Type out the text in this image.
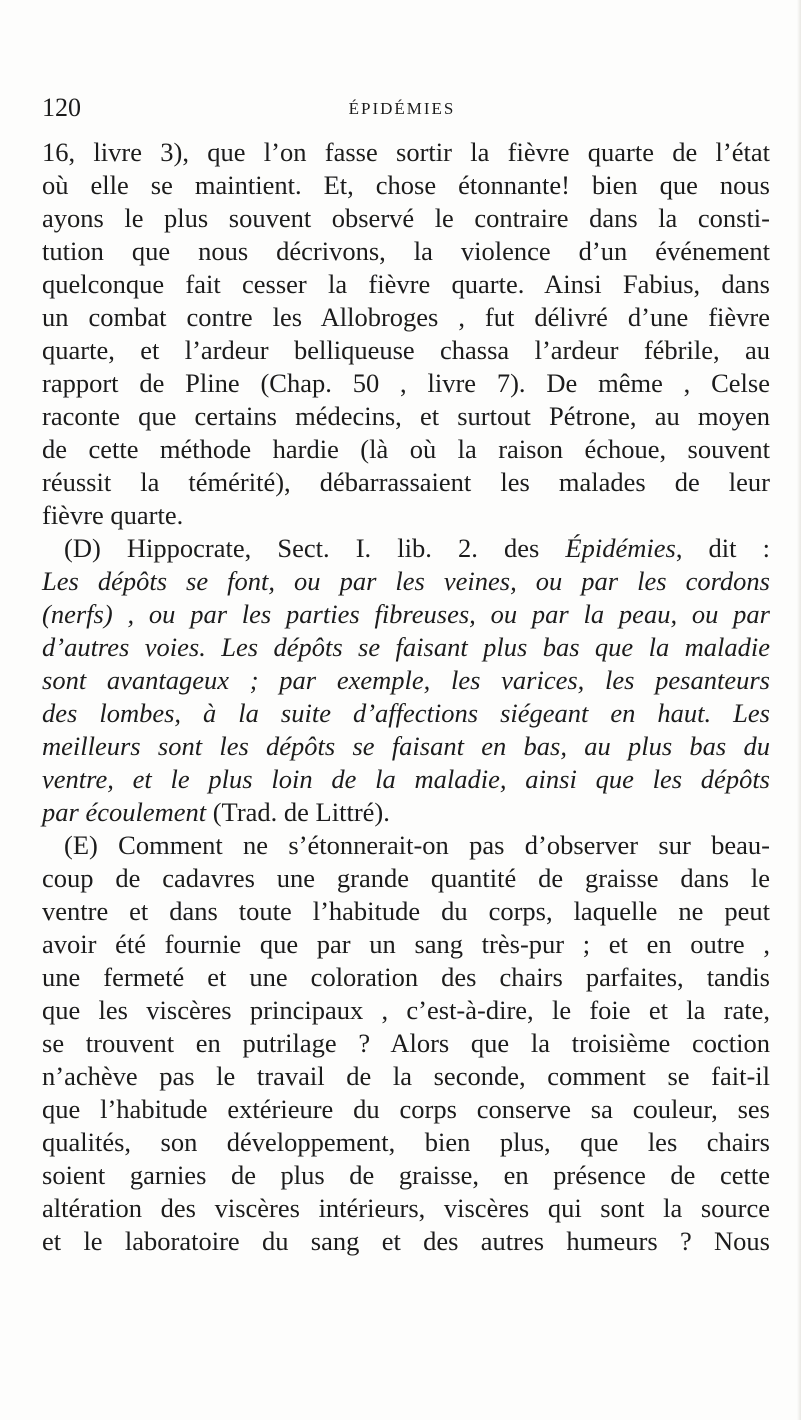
120	ÉPIDÉMIES
16, livre 3), que l’on fasse sortir la fièvre quarte de l’état
où elle se maintient. Et, chose étonnante! bien que nous
ayons le plus souvent observé le contraire dans la consti-
tution que nous décrivons, la violence d’un événement
quelconque fait cesser la fièvre quarte. Ainsi Fabius, dans
un combat contre les Allobroges , fut délivré d’une fièvre
quarte, et l’ardeur belliqueuse chassa l’ardeur fébrile, au
rapport de Pline (Chap. 50 , livre 7). De même , Celse
raconte que certains médecins, et surtout Pétrone, au moyen
de cette méthode hardie (là où la raison échoue, souvent
réussit la témérité), débarrassaient les malades de leur
fièvre quarte.
(D) Hippocrate, Sect. I. lib. 2. des Épidémies, dit :
Les dépôts se font, ou par les veines, ou par les cordons
(nerfs) , ou par les parties fibreuses, ou par la peau, ou par
d’autres voies. Les dépôts se faisant plus bas que la maladie
sont avantageux ; par exemple, les varices, les pesanteurs
des lombes, à la suite d’affections siégeant en haut. Les
meilleurs sont les dépôts se faisant en bas, au plus bas du
ventre, et le plus loin de la maladie, ainsi que les dépôts
par écoulement (Trad. de Littré).
(E) Comment ne s’étonnerait-on pas d’observer sur beau-
coup de cadavres une grande quantité de graisse dans le
ventre et dans toute l’habitude du corps, laquelle ne peut
avoir été fournie que par un sang très-pur ; et en outre ,
une fermeté et une coloration des chairs parfaites, tandis
que les viscères principaux , c’est-à-dire, le foie et la rate,
se trouvent en putrilage ? Alors que la troisième coction
n’achève pas le travail de la seconde, comment se fait-il
que l’habitude extérieure du corps conserve sa couleur, ses
qualités, son développement, bien plus, que les chairs
soient garnies de plus de graisse, en présence de cette
altération des viscères intérieurs, viscères qui sont la source
et le laboratoire du sang et des autres humeurs ? Nous
